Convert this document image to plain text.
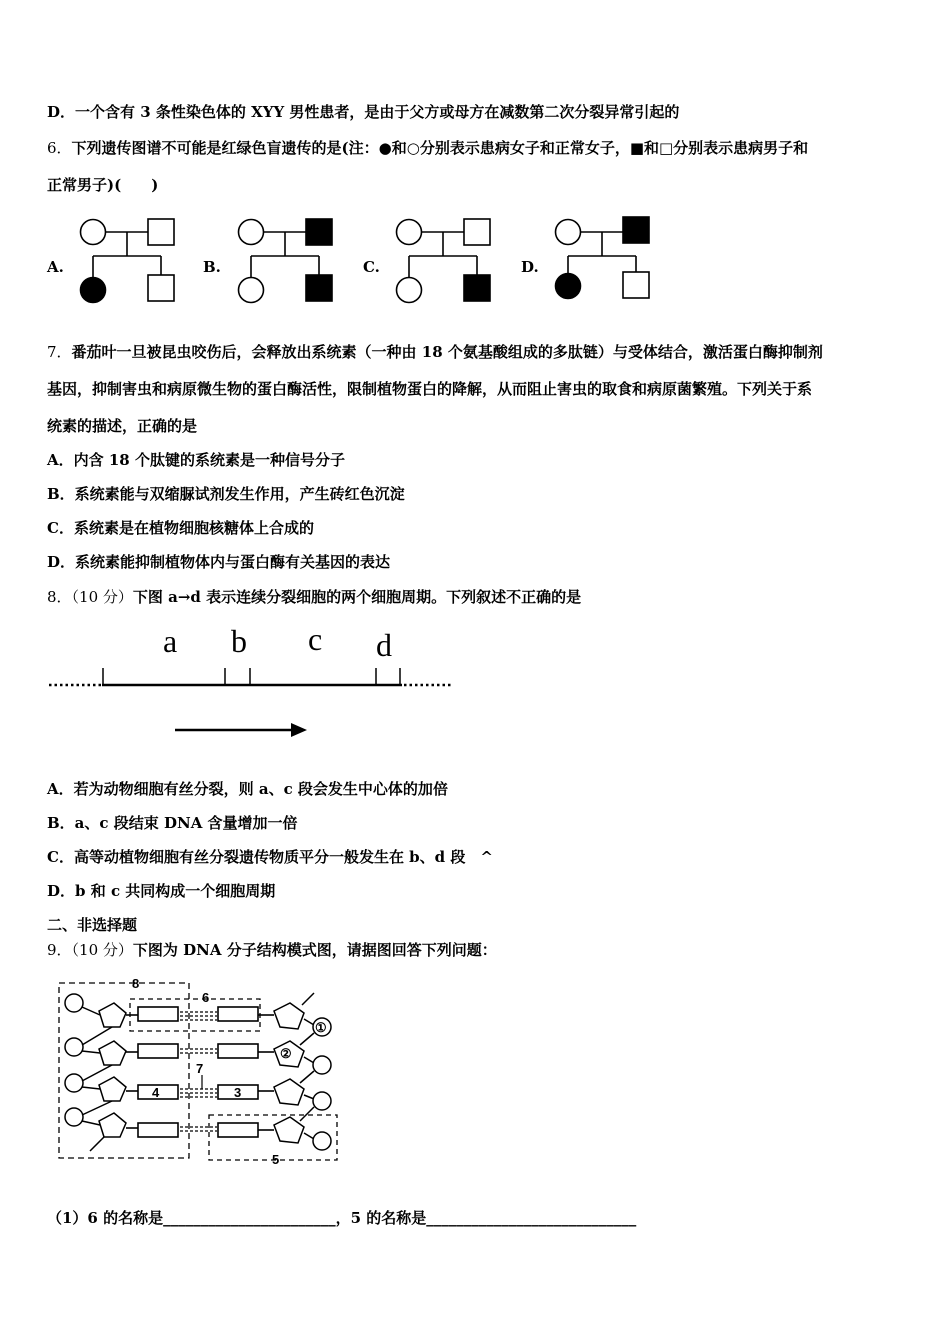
D．一个含有 3 条性染色体的 XYY 男性患者，是由于父方或母方在减数第二次分裂异常引起的
6．下列遗传图谱不可能是红绿色盲遗传的是(注：●和○分别表示患病女子和正常女子，■和□分别表示患病男子和
正常男子)(　　)
A.	B.	C.	D.
7．番茄叶一旦被昆虫咬伤后，会释放出系统素（一种由 18 个氨基酸组成的多肽链）与受体结合，激活蛋白酶抑制剂
基因，抑制害虫和病原微生物的蛋白酶活性，限制植物蛋白的降解，从而阻止害虫的取食和病原菌繁殖。下列关于系
统素的描述，正确的是
A．内含 18 个肽键的系统素是一种信号分子
B．系统素能与双缩脲试剂发生作用，产生砖红色沉淀
C．系统素是在植物细胞核糖体上合成的
D．系统素能抑制植物体内与蛋白酶有关基因的表达
8．（10 分）下图 a→d 表示连续分裂细胞的两个细胞周期。下列叙述不正确的是
a b c d
A．若为动物细胞有丝分裂，则 a、c 段会发生中心体的加倍
B．a、c 段结束 DNA 含量增加一倍
C．高等动植物细胞有丝分裂遗传物质平分一般发生在 b、d 段　^
D．b 和 c 共同构成一个细胞周期
二、非选择题
9．（10 分）下图为 DNA 分子结构模式图，请据图回答下列问题：
8
6
5
4
7
3
①
②
（1）6 的名称是_______________________，5 的名称是____________________________
